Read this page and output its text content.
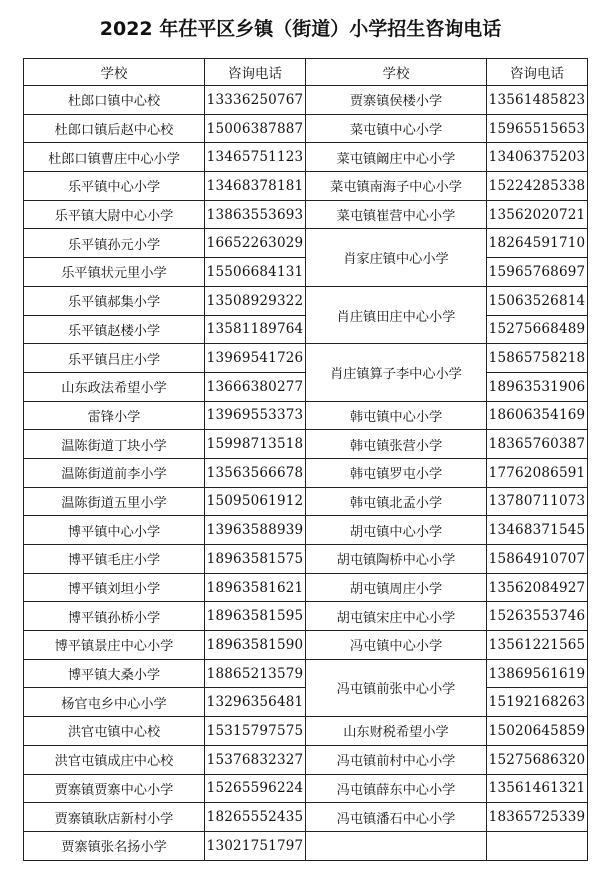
2022 年茌平区乡镇（街道）小学招生咨询电话
学校	咨询电话	学校	咨询电话
杜郎口镇中心校	13336250767	贾寨镇侯楼小学	13561485823
杜郎口镇后赵中心校	15006387887	菜屯镇中心小学	15965515653
杜郎口镇曹庄中心小学	13465751123	菜屯镇阚庄中心小学	13406375203
乐平镇中心小学	13468378181	菜屯镇南海子中心小学	15224285338
乐平镇大尉中心小学	13863553693	菜屯镇崔营中心小学	13562020721
乐平镇孙元小学	16652263029	肖家庄镇中心小学	18264591710
乐平镇状元里小学	15506684131		15965768697
乐平镇郝集小学	13508929322	肖庄镇田庄中心小学	15063526814
乐平镇赵楼小学	13581189764		15275668489
乐平镇吕庄小学	13969541726	肖庄镇算子李中心小学	15865758218
山东政法希望小学	13666380277		18963531906
雷锋小学	13969553373	韩屯镇中心小学	18606354169
温陈街道丁块小学	15998713518	韩屯镇张营小学	18365760387
温陈街道前李小学	13563566678	韩屯镇罗屯小学	17762086591
温陈街道五里小学	15095061912	韩屯镇北孟小学	13780711073
博平镇中心小学	13963588939	胡屯镇中心小学	13468371545
博平镇毛庄小学	18963581575	胡屯镇陶桥中心小学	15864910707
博平镇刘坦小学	18963581621	胡屯镇周庄小学	13562084927
博平镇孙桥小学	18963581595	胡屯镇宋庄中心小学	15263553746
博平镇景庄中心小学	18963581590	冯屯镇中心小学	13561221565
博平镇大桑小学	18865213579	冯屯镇前张中心小学	13869561619
杨官屯乡中心小学	13296356481		15192168263
洪官屯镇中心校	15315797575	山东财税希望小学	15020645859
洪官屯镇成庄中心校	15376832327	冯屯镇前村中心小学	15275686320
贾寨镇贾寨中心小学	15265596224	冯屯镇薛东中心小学	13561461321
贾寨镇耿店新村小学	18265552435	冯屯镇潘石中心小学	18365725339
贾寨镇张名扬小学	13021751797		
